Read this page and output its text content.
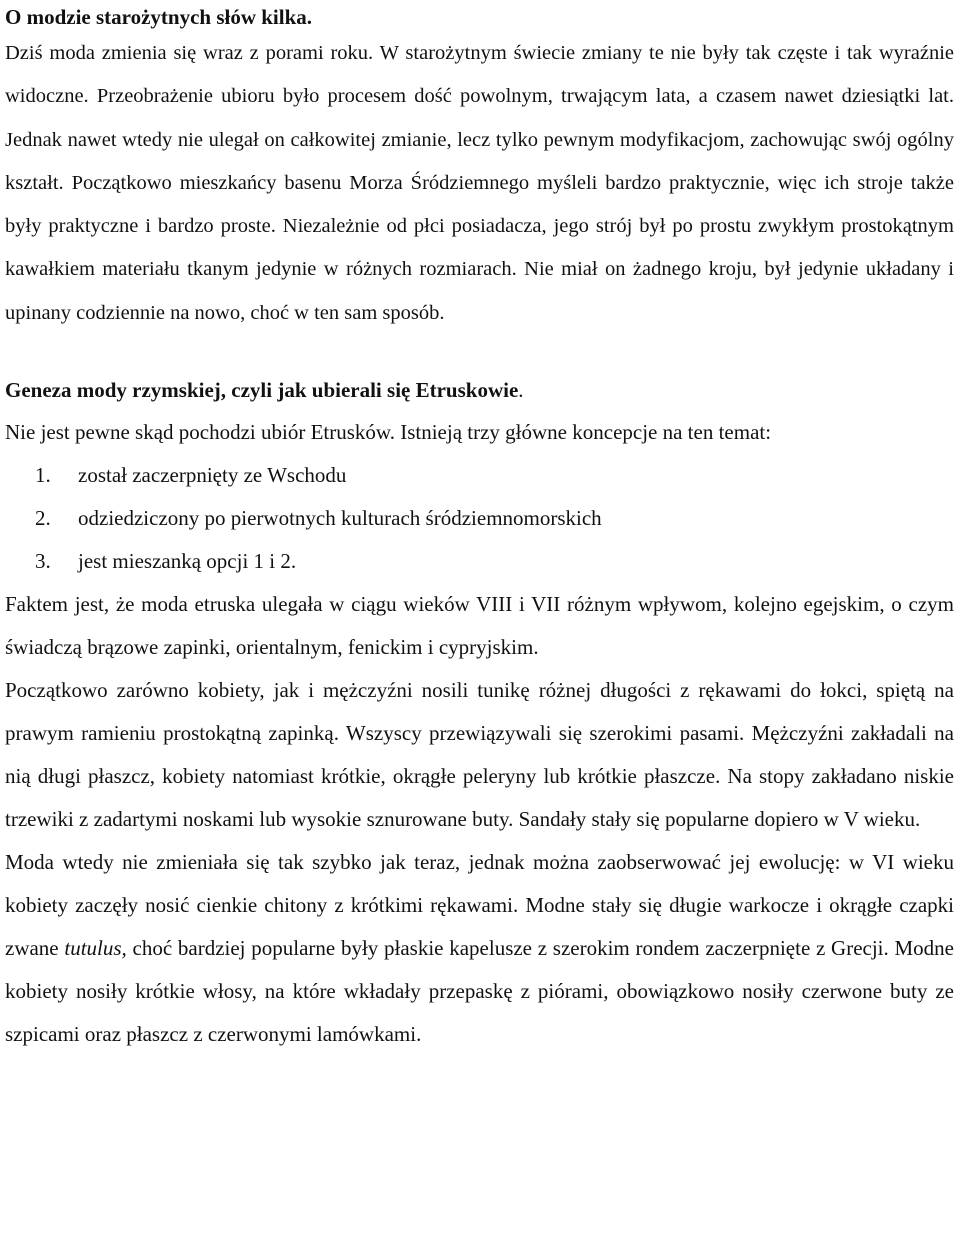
O modzie starożytnych słów kilka.

Dziś moda zmienia się wraz z porami roku. W starożytnym świecie zmiany te nie były tak częste i tak wyraźnie widoczne. Przeobrażenie ubioru było procesem dość powolnym, trwającym lata, a czasem nawet dziesiątki lat. Jednak nawet wtedy nie ulegał on całkowitej zmianie, lecz tylko pewnym modyfikacjom, zachowując swój ogólny kształt. Początkowo mieszkańcy basenu Morza Śródziemnego myśleli bardzo praktycznie, więc ich stroje także były praktyczne i bardzo proste. Niezależnie od płci posiadacza, jego strój był po prostu zwykłym prostokątnym kawałkiem materiału tkanym jedynie w różnych rozmiarach. Nie miał on żadnego kroju, był jedynie układany i upinany codziennie na nowo, choć w ten sam sposób.

Geneza mody rzymskiej, czyli jak ubierali się Etruskowie.

Nie jest pewne skąd pochodzi ubiór Etrusków. Istnieją trzy główne koncepcje na ten temat:

1.	został zaczerpnięty ze Wschodu
2.	odziedziczony po pierwotnych kulturach śródziemnomorskich
3.	jest mieszanką opcji 1 i 2.

Faktem jest, że moda etruska ulegała w ciągu wieków VIII i VII różnym wpływom, kolejno egejskim, o czym świadczą brązowe zapinki, orientalnym, fenickim i cypryjskim.

Początkowo zarówno kobiety, jak i mężczyźni nosili tunikę różnej długości z rękawami do łokci, spiętą na prawym ramieniu prostokątną zapinką. Wszyscy przewiązywali się szerokimi pasami. Mężczyźni zakładali na nią długi płaszcz, kobiety natomiast krótkie, okrągłe peleryny lub krótkie płaszcze. Na stopy zakładano niskie trzewiki z zadartymi noskami lub wysokie sznurowane buty. Sandały stały się popularne dopiero w V wieku.

Moda wtedy nie zmieniała się tak szybko jak teraz, jednak można zaobserwować jej ewolucję: w VI wieku kobiety zaczęły nosić cienkie chitony z krótkimi rękawami. Modne stały się długie warkocze i okrągłe czapki zwane tutulus, choć bardziej popularne były płaskie kapelusze z szerokim rondem zaczerpnięte z Grecji. Modne kobiety nosiły krótkie włosy, na które wkładały przepaskę z piórami, obowiązkowo nosiły czerwone buty ze szpicami oraz płaszcz z czerwonymi lamówkami.
